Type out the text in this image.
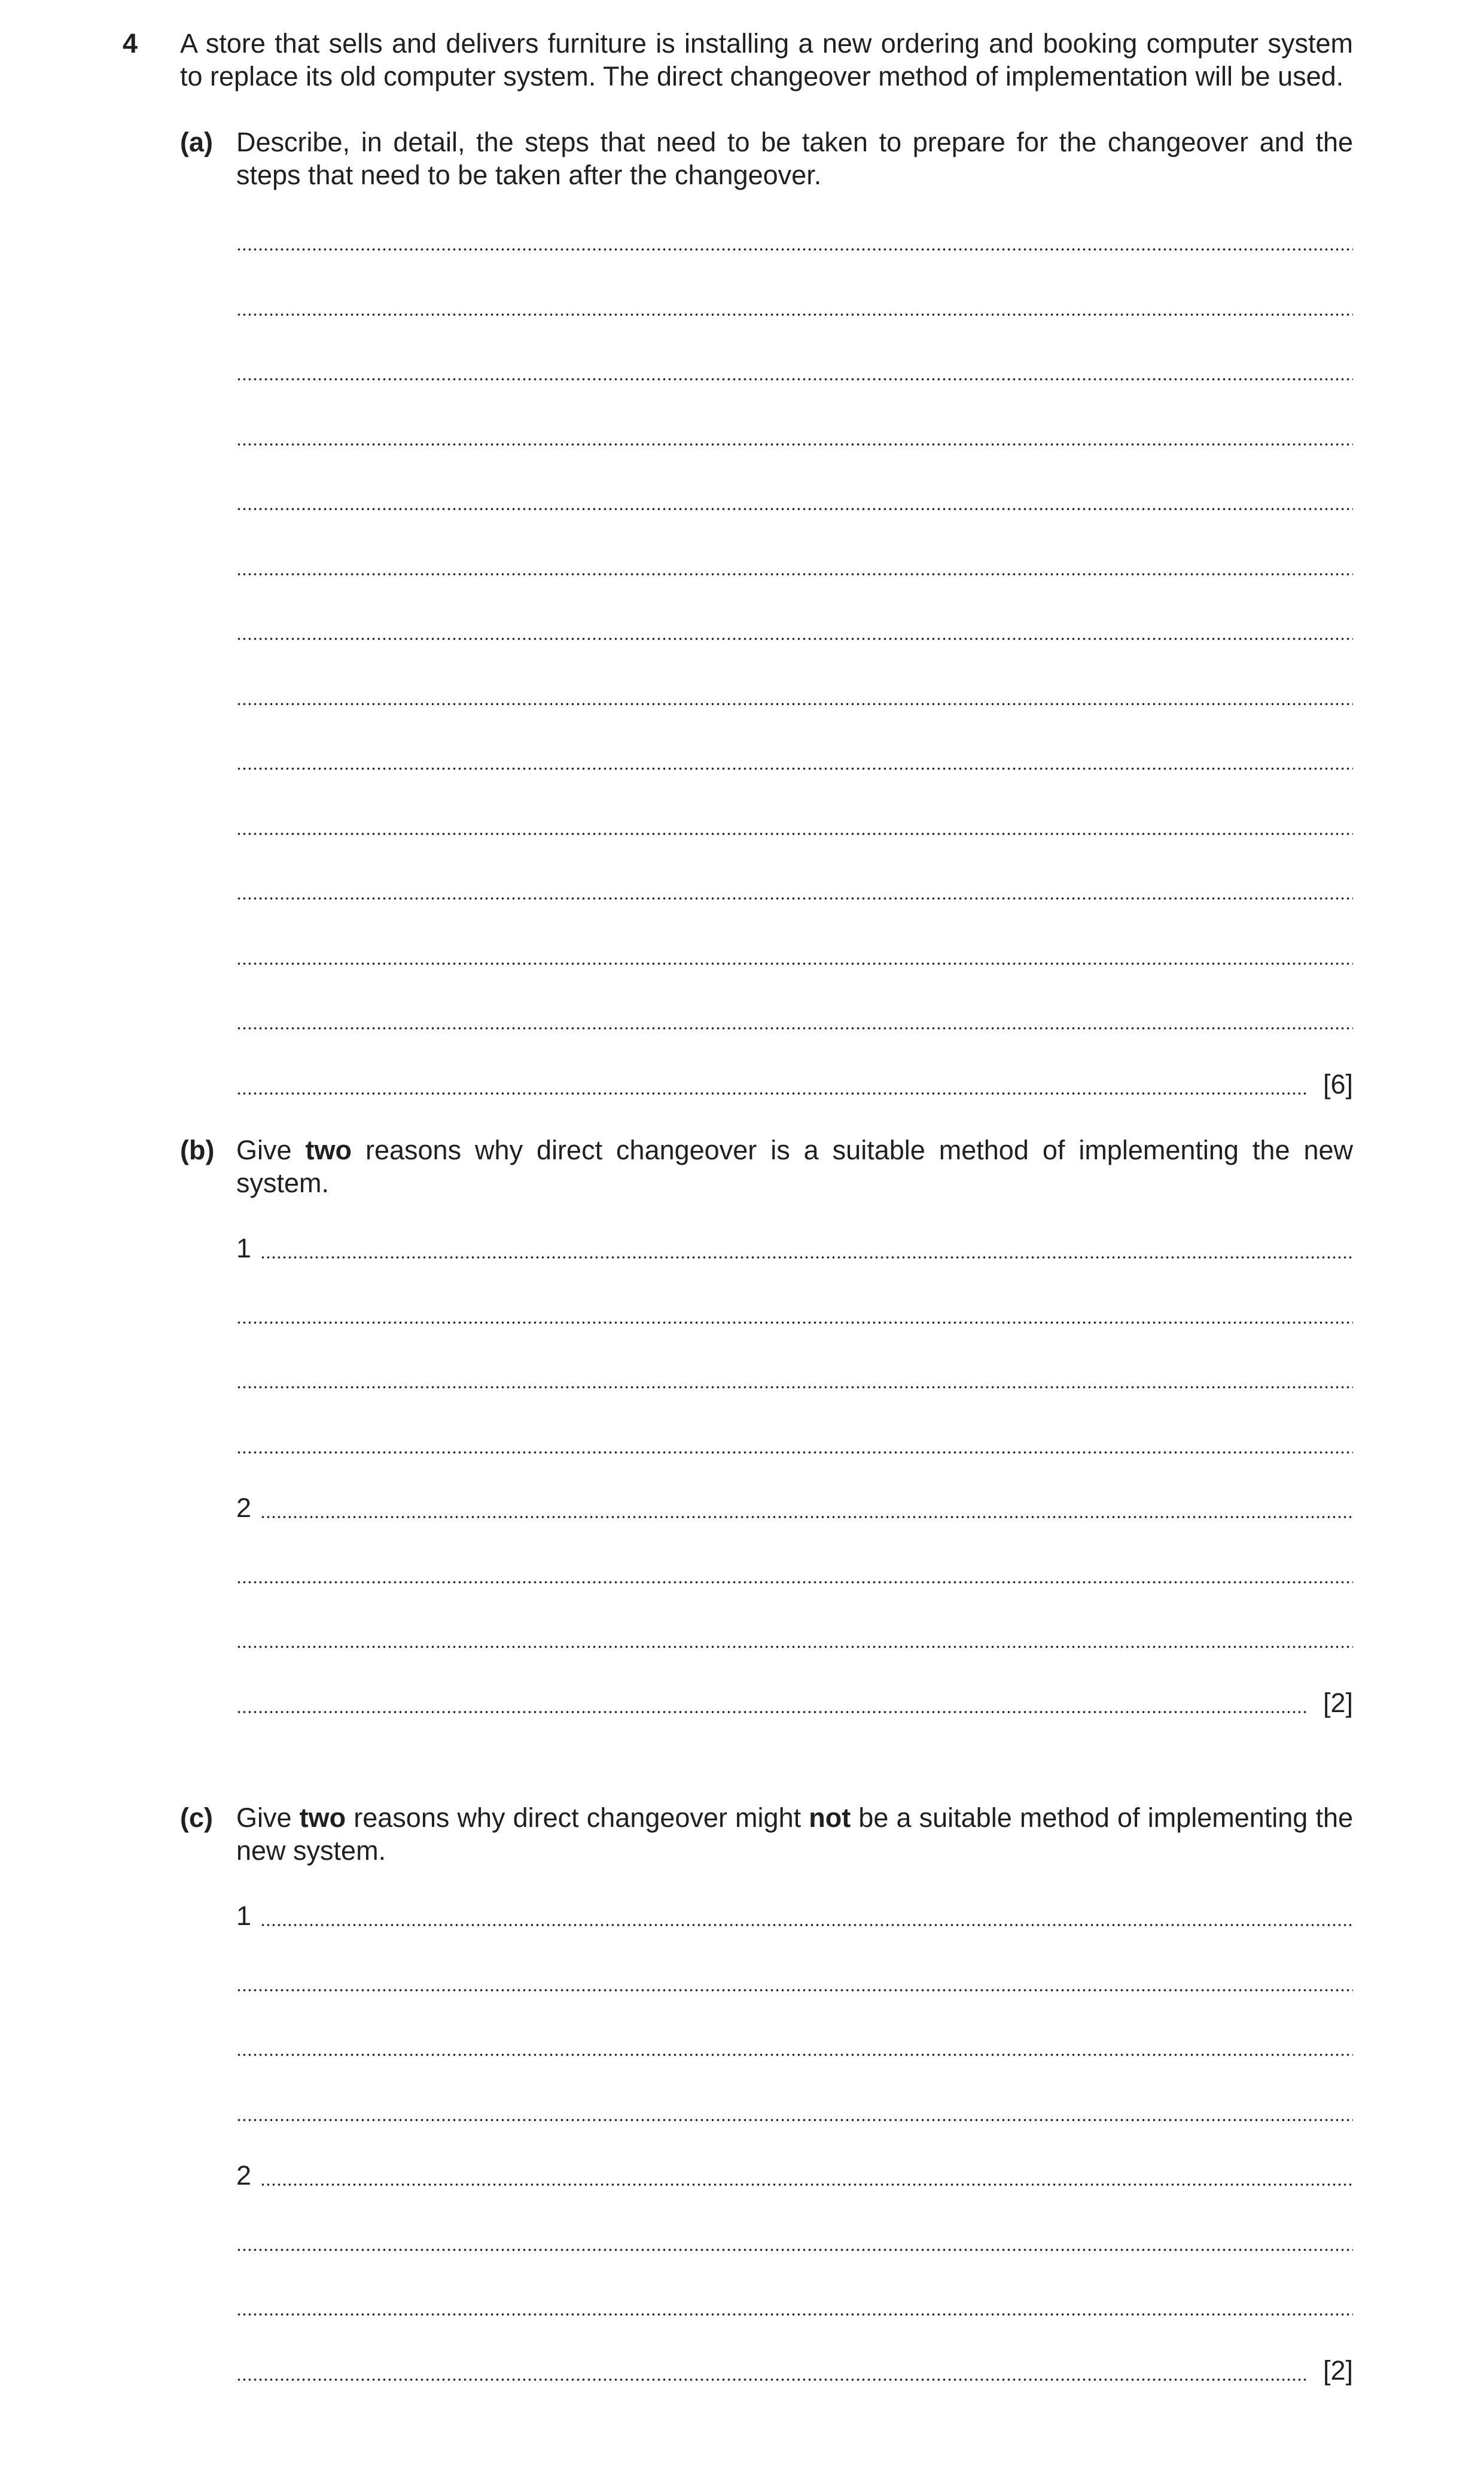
4 A store that sells and delivers furniture is installing a new ordering and booking computer system to replace its old computer system. The direct changeover method of implementation will be used.
(a) Describe, in detail, the steps that need to be taken to prepare for the changeover and the steps that need to be taken after the changeover.
[6]
(b) Give two reasons why direct changeover is a suitable method of implementing the new system.
1
2
[2]
(c) Give two reasons why direct changeover might not be a suitable method of implementing the new system.
1
2
[2]
